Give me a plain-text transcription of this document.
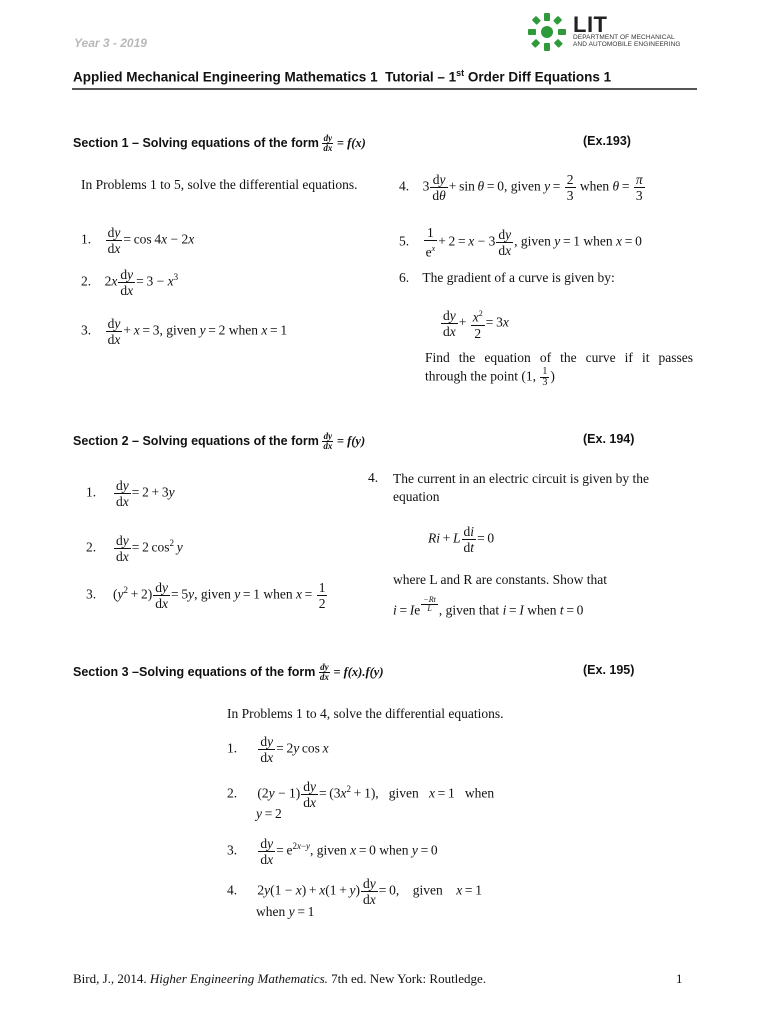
Year 3 - 2019
LIT
DEPARTMENT OF MECHANICAL
AND AUTOMOBILE ENGINEERING
Applied Mechanical Engineering Mathematics 1  Tutorial – 1st Order Diff Equations 1
Section 1 – Solving equations of the form $\frac{dy}{dx} = f(x)$	(Ex.193)
In Problems 1 to 5, solve the differential equations.
1. $\frac{dy}{dx} = \cos 4x - 2x$
2.    $2x \frac{dy}{dx} = 3 - x^3$
3. $\frac{dy}{dx} + x = 3$, given y = 2 when x = 1
4.    $3 \frac{dy}{d\theta} + \sin \theta = 0$, given $y = \frac{2}{3}$ when $\theta = \frac{\pi}{3}$
5. $\frac{1}{e^x} + 2 = x - 3 \frac{dy}{dx}$ , given y = 1 when x = 0
6. The gradient of a curve is given by:
$\frac{dy}{dx} + \frac{x^2}{2} = 3x$
Find the equation of the curve if it passes through the point (1, $\frac{1}{3}$ )
Section 2 – Solving equations of the form $\frac{dy}{dx} = f(y)$	(Ex. 194)
1. $\frac{dy}{dx} = 2 + 3y$
2. $\frac{dy}{dx} = 2$ $\cos^2 y$
3.     $(y^2 + 2) \frac{dy}{dx} = 5y$, given y = 1 when $x = \frac{1}{2}$
4. The current in an electric circuit is given by the equation
Ri + L $\frac{di}{dt} = 0$
where L and R are constants. Show that
i = Ie $^{\frac{-Rt}{L}}$ , given that i = I when t = 0
Section 3 –Solving equations of the form $\frac{dy}{dx} = f(x).f(y)$	(Ex. 195)
In Problems 1 to 4, solve the differential equations.
1. $\frac{dy}{dx} = 2y$ cos x
2.      $(2y - 1) \frac{dy}{dx} = (3x^2 + 1)$,   given   x = 1   when
y = 2
3. $\frac{dy}{dx} = e^{2x-y}$, given x = 0 when y = 0
4.      $2y(1 - x) + x(1 + y) \frac{dy}{dx} = 0$,    given    x = 1
when y = 1
Bird, J., 2014. Higher Engineering Mathematics. 7th ed. New York: Routledge.	1
